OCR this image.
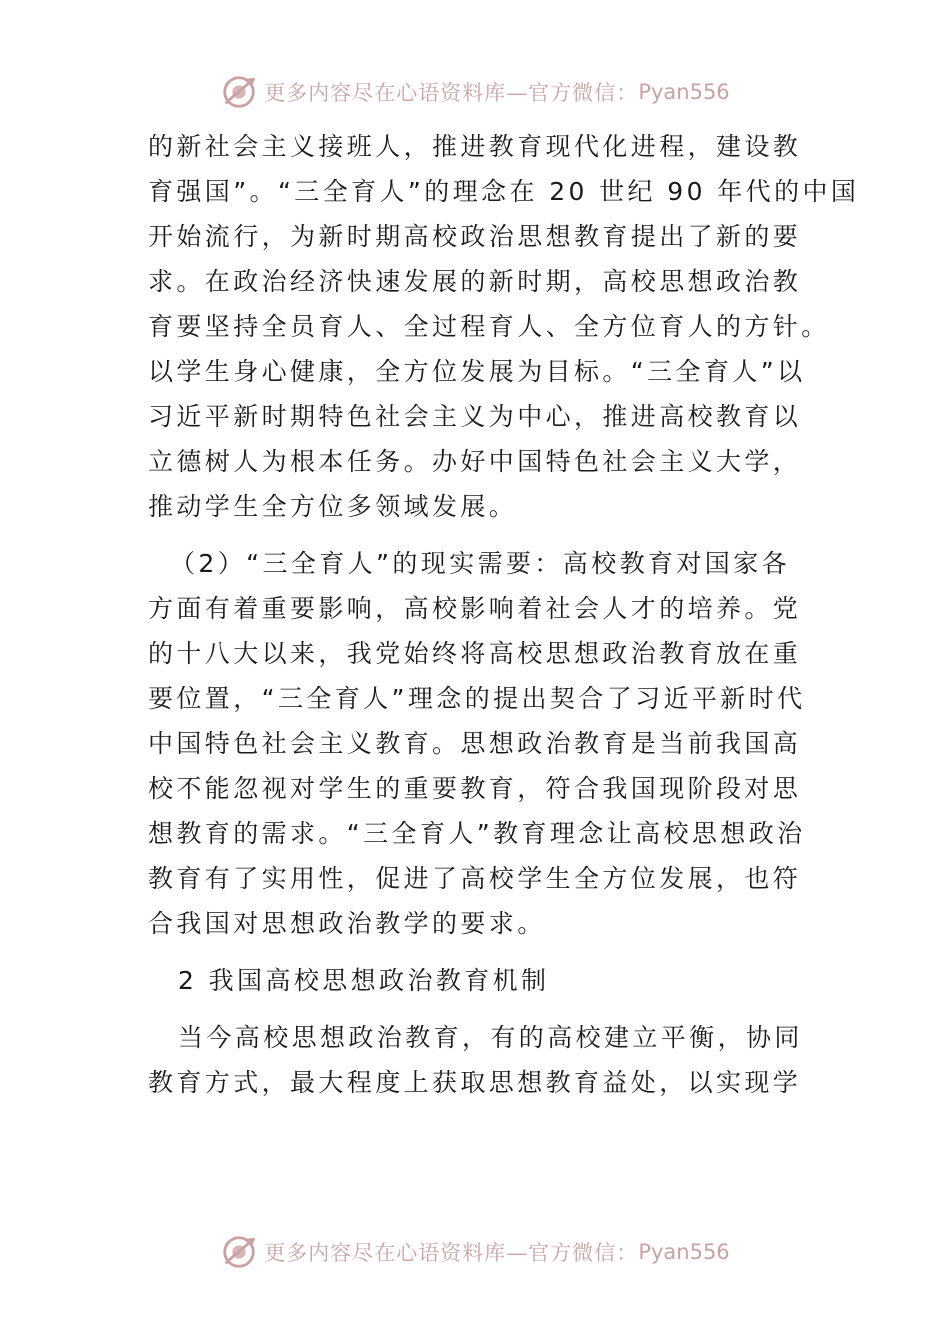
更多内容尽在心语资料库—官方微信： Pyan556

的新社会主义接班人，推进教育现代化进程，建设教
育强国”。“三全育人”的理念在 20 世纪 90 年代的中国
开始流行，为新时期高校政治思想教育提出了新的要
求。在政治经济快速发展的新时期，高校思想政治教
育要坚持全员育人、全过程育人、全方位育人的方针。
以学生身心健康，全方位发展为目标。“三全育人”以
习近平新时期特色社会主义为中心，推进高校教育以
立德树人为根本任务。办好中国特色社会主义大学，
推动学生全方位多领域发展。

（2）“三全育人”的现实需要：高校教育对国家各
方面有着重要影响，高校影响着社会人才的培养。党
的十八大以来，我党始终将高校思想政治教育放在重
要位置，“三全育人”理念的提出契合了习近平新时代
中国特色社会主义教育。思想政治教育是当前我国高
校不能忽视对学生的重要教育，符合我国现阶段对思
想教育的需求。“三全育人”教育理念让高校思想政治
教育有了实用性，促进了高校学生全方位发展，也符
合我国对思想政治教学的要求。

2 我国高校思想政治教育机制

当今高校思想政治教育，有的高校建立平衡，协同
教育方式，最大程度上获取思想教育益处，以实现学

更多内容尽在心语资料库—官方微信： Pyan556
